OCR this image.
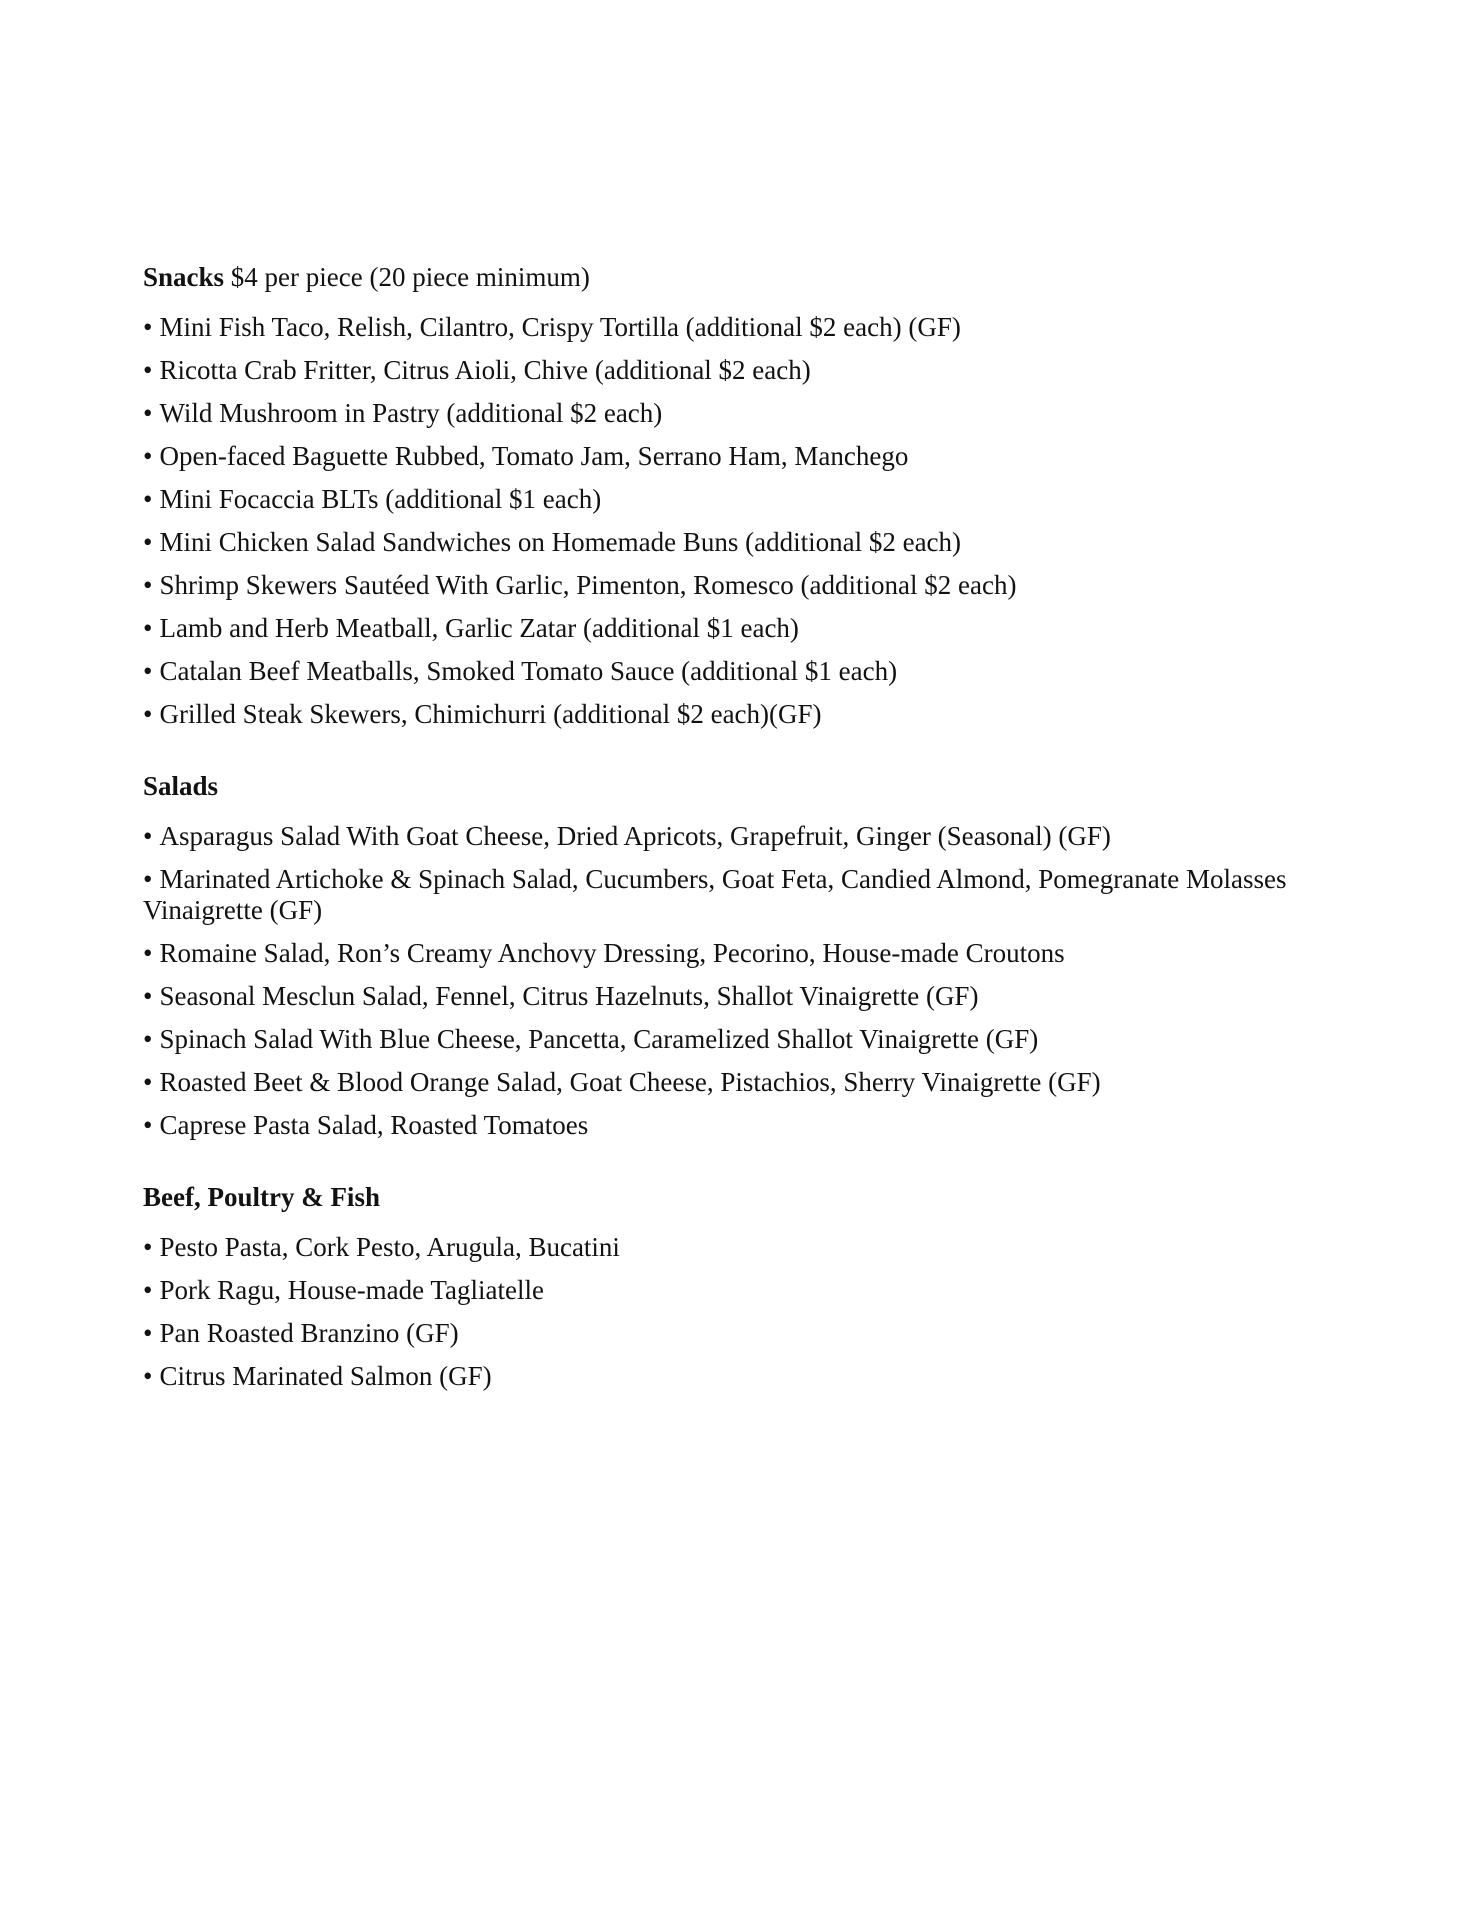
Snacks $4 per piece (20 piece minimum)

• Mini Fish Taco, Relish, Cilantro, Crispy Tortilla (additional $2 each) (GF)

• Ricotta Crab Fritter, Citrus Aioli, Chive (additional $2 each)

• Wild Mushroom in Pastry (additional $2 each)

• Open-faced Baguette Rubbed, Tomato Jam, Serrano Ham, Manchego

• Mini Focaccia BLTs (additional $1 each)

• Mini Chicken Salad Sandwiches on Homemade Buns (additional $2 each)

• Shrimp Skewers Sautéed With Garlic, Pimenton, Romesco (additional $2 each)

• Lamb and Herb Meatball, Garlic Zatar (additional $1 each)

• Catalan Beef Meatballs, Smoked Tomato Sauce (additional $1 each)

• Grilled Steak Skewers, Chimichurri (additional $2 each)(GF)

Salads

• Asparagus Salad With Goat Cheese, Dried Apricots, Grapefruit, Ginger (Seasonal) (GF)

• Marinated Artichoke & Spinach Salad, Cucumbers, Goat Feta, Candied Almond, Pomegranate Molasses Vinaigrette (GF)

• Romaine Salad, Ron’s Creamy Anchovy Dressing, Pecorino, House-made Croutons

• Seasonal Mesclun Salad, Fennel, Citrus Hazelnuts, Shallot Vinaigrette (GF)

• Spinach Salad With Blue Cheese, Pancetta, Caramelized Shallot Vinaigrette (GF)

• Roasted Beet & Blood Orange Salad, Goat Cheese, Pistachios, Sherry Vinaigrette (GF)

• Caprese Pasta Salad, Roasted Tomatoes

Beef, Poultry & Fish

• Pesto Pasta, Cork Pesto, Arugula, Bucatini

• Pork Ragu, House-made Tagliatelle

• Pan Roasted Branzino (GF)

• Citrus Marinated Salmon (GF)
